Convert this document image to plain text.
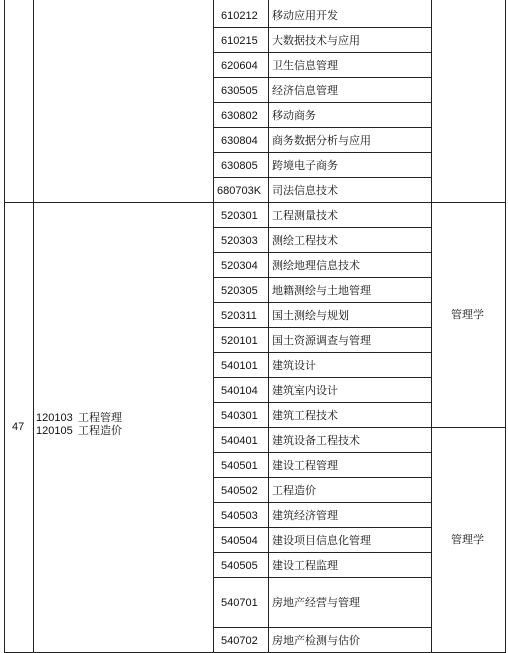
610212 移动应用开发
610215 大数据技术与应用
620604 卫生信息管理
630505 经济信息管理
630802 移动商务
630804 商务数据分析与应用
630805 跨境电子商务
680703K 司法信息技术
520301 工程测量技术
520303 测绘工程技术
520304 测绘地理信息技术
520305 地籍测绘与土地管理
520311 国土测绘与规划
520101 国土资源调查与管理
540101 建筑设计
540104 建筑室内设计
540301 建筑工程技术
540401 建筑设备工程技术
540501 建设工程管理
540502 工程造价
540503 建筑经济管理
540504 建设项目信息化管理
540505 建设工程监理
540701 房地产经营与管理
540702 房地产检测与估价
管理学
管理学
47
120103 工程管理
120105 工程造价
